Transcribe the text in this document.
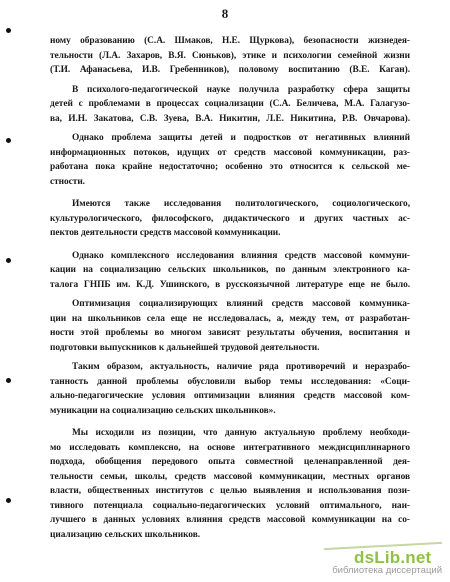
8
ному образованию (С.А. Шмаков, Н.Е. Щуркова), безопасности жизнедея-
тельности (Л.А. Захаров, В.Я. Сюньков), этике и психологии семейной жизни
(Т.И. Афанасьева, И.В. Гребенников), половому воспитанию (В.Е. Каган).
В психолого-педагогической науке получила разработку сфера защиты
детей с проблемами в процессах социализации (С.А. Беличева, М.А. Галагузо-
ва, И.Н. Закатова, С.В. Зуева, В.А. Никитин, Л.Е. Никитина, Р.В. Овчарова).
Однако проблема защиты детей и подростков от негативных влияний
информационных потоков, идущих от средств массовой коммуникации, раз-
работана пока крайне недостаточно; особенно это относится к сельской ме-
стности.
Имеются также исследования политологического, социологического,
культурологического, философского, дидактического и других частных ас-
пектов деятельности средств массовой коммуникации.
Однако комплексного исследования влияния средств массовой коммуни-
кации на социализацию сельских школьников, по данным электронного ка-
талога ГНПБ им. К.Д. Ушинского, в русскоязычной литературе еще не было.
Оптимизация социализирующих влияний средств массовой коммуника-
ции на школьников села еще не исследовалась, а, между тем, от разработан-
ности этой проблемы во многом зависят результаты обучения, воспитания и
подготовки выпускников к дальнейшей трудовой деятельности.
Таким образом, актуальность, наличие ряда противоречий и неразрабо-
танность данной проблемы обусловили выбор темы исследования: «Соци-
ально-педагогические условия оптимизации влияния средств массовой ком-
муникации на социализацию сельских школьников».
Мы исходили из позиции, что данную актуальную проблему необходи-
мо исследовать комплексно, на основе интегративного междисциплинарного
подхода, обобщения передового опыта совместной целенаправленной дея-
тельности семьи, школы, средств массовой коммуникации, местных органов
власти, общественных институтов с целью выявления и использования пози-
тивного потенциала социально-педагогических условий оптимального, наи-
лучшего в данных условиях влияния средств массовой коммуникации на со-
циализацию сельских школьников.
dsLib.net
библиотека диссертаций
